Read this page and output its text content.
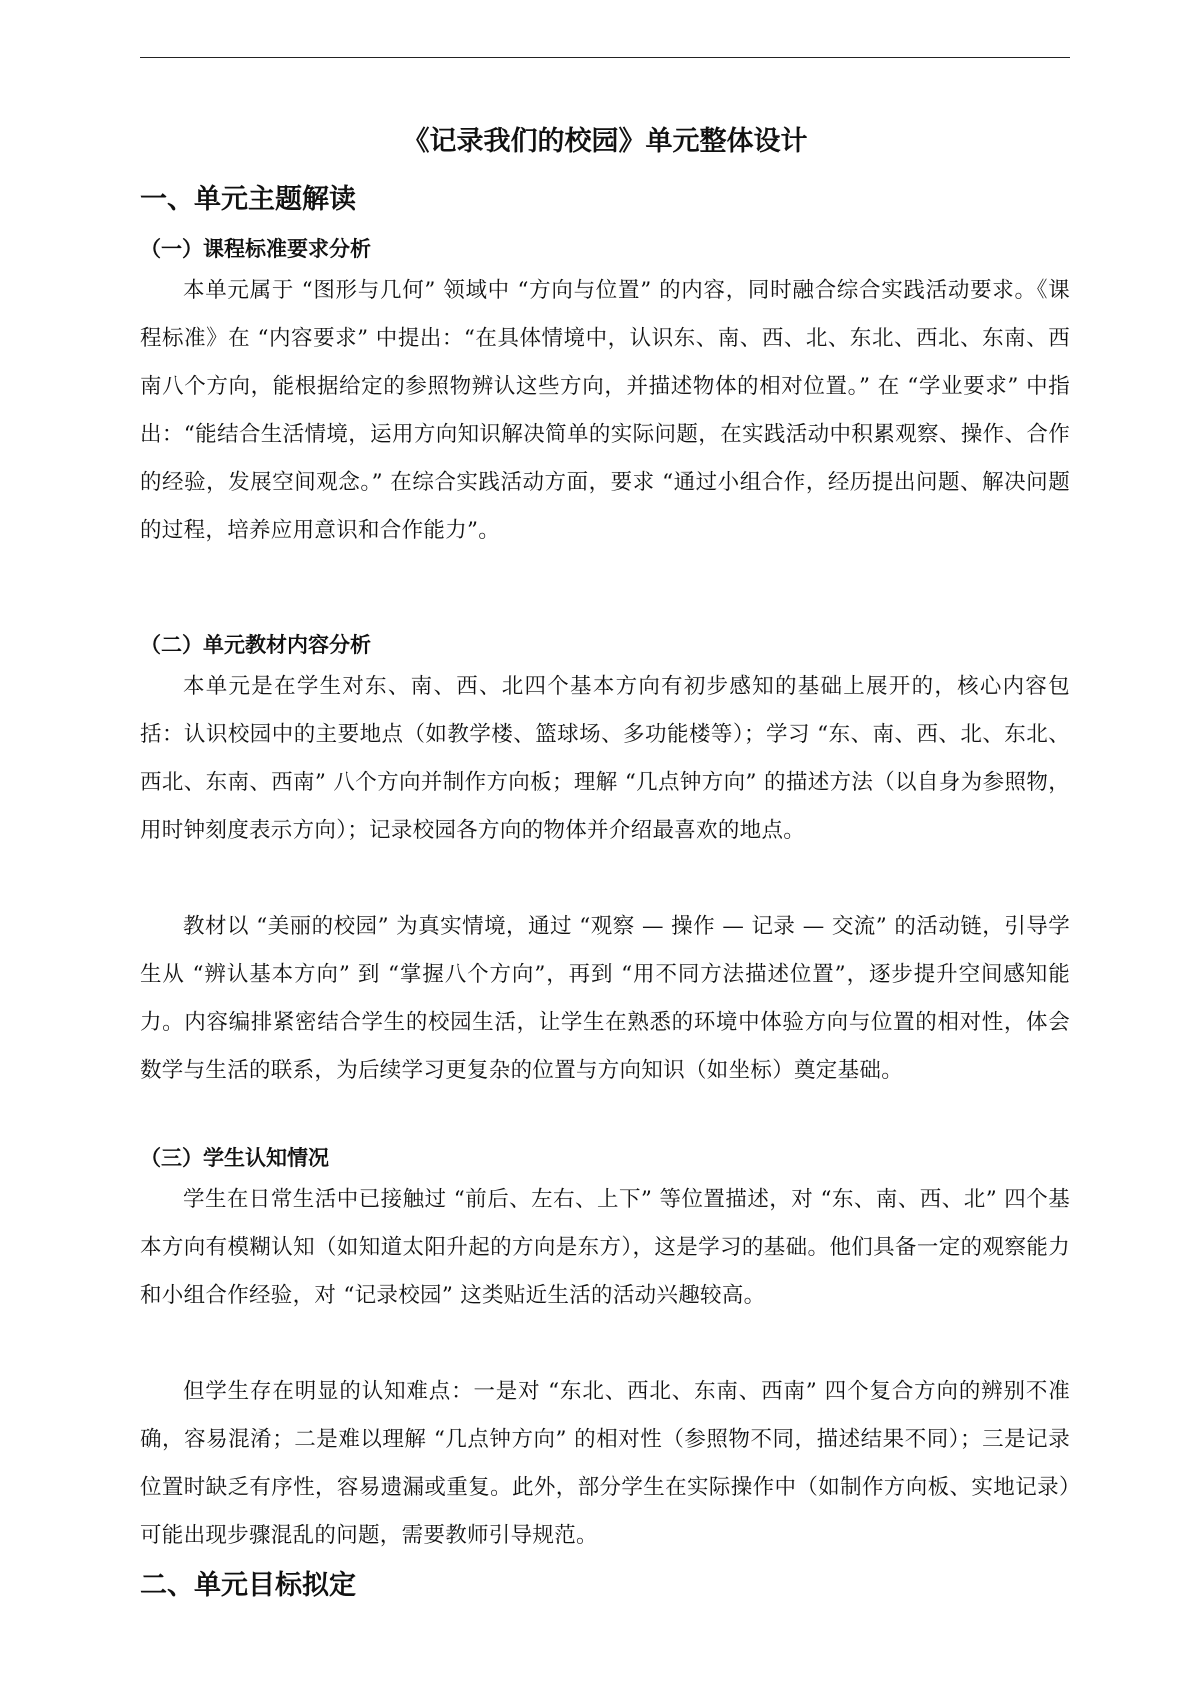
《记录我们的校园》单元整体设计
一、单元主题解读
（一）课程标准要求分析

本单元属于 “图形与几何” 领域中 “方向与位置” 的内容，同时融合综合实践活动要求。《课程标准》在 “内容要求” 中提出：“在具体情境中，认识东、南、西、北、东北、西北、东南、西南八个方向，能根据给定的参照物辨认这些方向，并描述物体的相对位置。” 在 “学业要求” 中指出：“能结合生活情境，运用方向知识解决简单的实际问题，在实践活动中积累观察、操作、合作的经验，发展空间观念。” 在综合实践活动方面，要求 “通过小组合作，经历提出问题、解决问题的过程，培养应用意识和合作能力”。

（二）单元教材内容分析

本单元是在学生对东、南、西、北四个基本方向有初步感知的基础上展开的，核心内容包括：认识校园中的主要地点（如教学楼、篮球场、多功能楼等）；学习 “东、南、西、北、东北、西北、东南、西南” 八个方向并制作方向板；理解 “几点钟方向” 的描述方法（以自身为参照物，用时钟刻度表示方向）；记录校园各方向的物体并介绍最喜欢的地点。

教材以 “美丽的校园” 为真实情境，通过 “观察 — 操作 — 记录 — 交流” 的活动链，引导学生从 “辨认基本方向” 到 “掌握八个方向”，再到 “用不同方法描述位置”，逐步提升空间感知能力。内容编排紧密结合学生的校园生活，让学生在熟悉的环境中体验方向与位置的相对性，体会数学与生活的联系，为后续学习更复杂的位置与方向知识（如坐标）奠定基础。

（三）学生认知情况

学生在日常生活中已接触过 “前后、左右、上下” 等位置描述，对 “东、南、西、北” 四个基本方向有模糊认知（如知道太阳升起的方向是东方），这是学习的基础。他们具备一定的观察能力和小组合作经验，对 “记录校园” 这类贴近生活的活动兴趣较高。

但学生存在明显的认知难点：一是对 “东北、西北、东南、西南” 四个复合方向的辨别不准确，容易混淆；二是难以理解 “几点钟方向” 的相对性（参照物不同，描述结果不同）；三是记录位置时缺乏有序性，容易遗漏或重复。此外，部分学生在实际操作中（如制作方向板、实地记录）可能出现步骤混乱的问题，需要教师引导规范。

二、单元目标拟定
